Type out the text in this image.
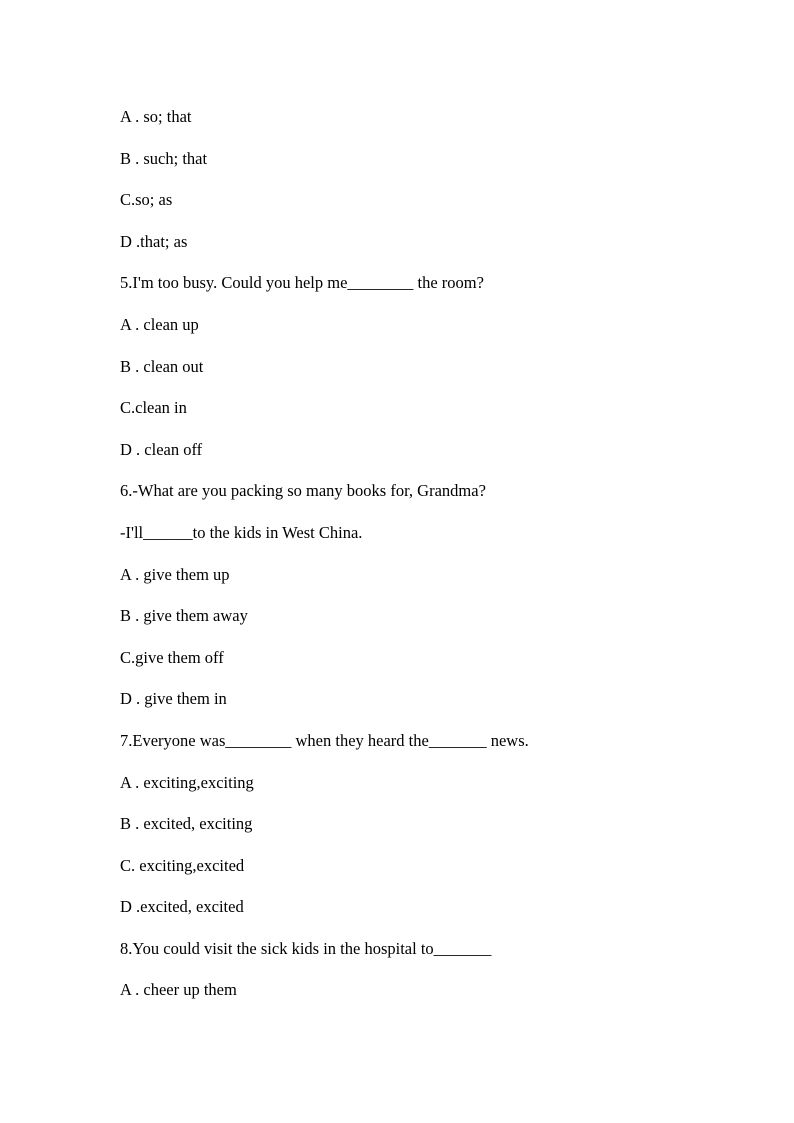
A . so; that
B . such; that
C.so; as
D .that; as
5.I'm too busy. Could you help me________ the room?
A . clean up
B . clean out
C.clean in
D . clean off
6.-What are you packing so many books for, Grandma?
-I'll______to the kids in West China.
A . give them up
B . give them away
C.give them off
D . give them in
7.Everyone was________ when they heard the_______ news.
A . exciting,exciting
B . excited, exciting
C. exciting,excited
D .excited, excited
8.You could visit the sick kids in the hospital to_______
A . cheer up them
